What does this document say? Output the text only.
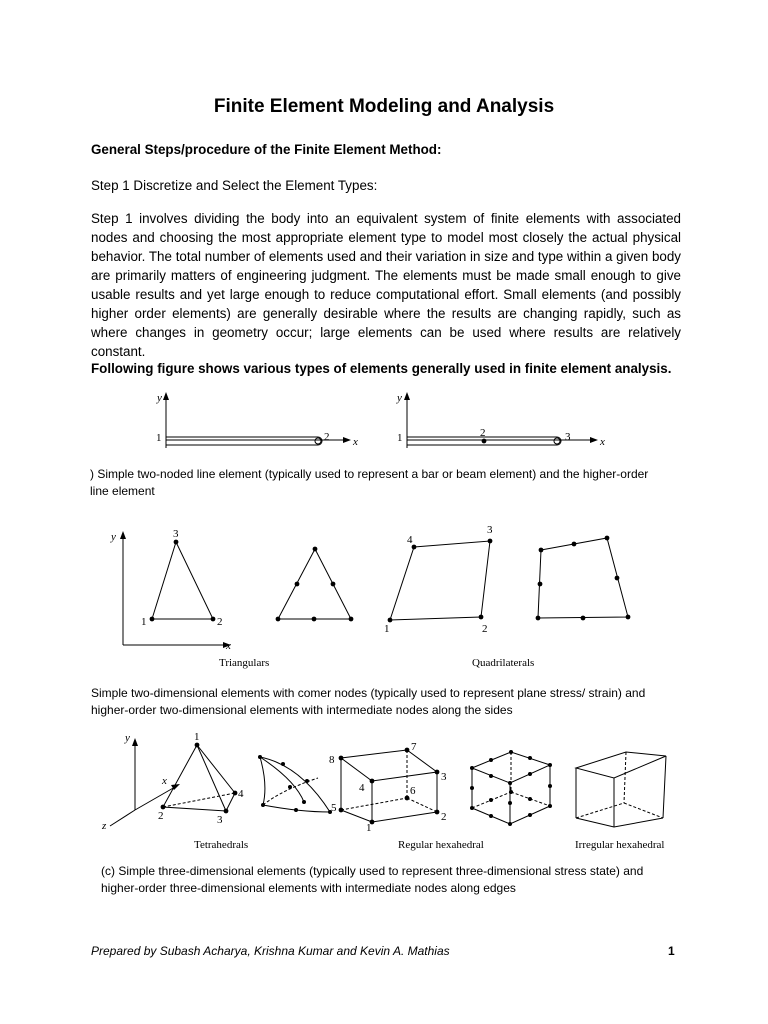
Finite Element Modeling and Analysis
General Steps/procedure of the Finite Element Method:
Step 1 Discretize and Select the Element Types:

Step 1 involves dividing the body into an equivalent system of finite elements with associated nodes and choosing the most appropriate element type to model most closely the actual physical behavior. The total number of elements used and their variation in size and type within a given body are primarily matters of engineering judgment. The elements must be made small enough to give usable results and yet large enough to reduce computational effort. Small elements (and possibly higher order elements) are generally desirable where the results are changing rapidly, such as where changes in geometry occur; large elements can be used where results are relatively constant.

Following figure shows various types of elements generally used in finite element analysis.

) Simple two-noded line element (typically used to represent a bar or beam element) and the higher-order line element

Simple two-dimensional elements with comer nodes (typically used to represent plane stress/ strain) and higher-order two-dimensional elements with intermediate nodes along the sides

(c) Simple three-dimensional elements (typically used to represent three-dimensional stress state) and higher-order three-dimensional elements with intermediate nodes along edges

y
1	2 x
y
1	2	3	x
y
x
3
1	2
4
3
1	2
Triangulars	Quadrilaterals
y
x
z
1
2	3
4
8
7
3
4	6
5
2
1
Tetrahedrals	Regular hexahedral	Irregular hexahedral
Prepared by Subash Acharya, Krishna Kumar and Kevin A. Mathias	1
